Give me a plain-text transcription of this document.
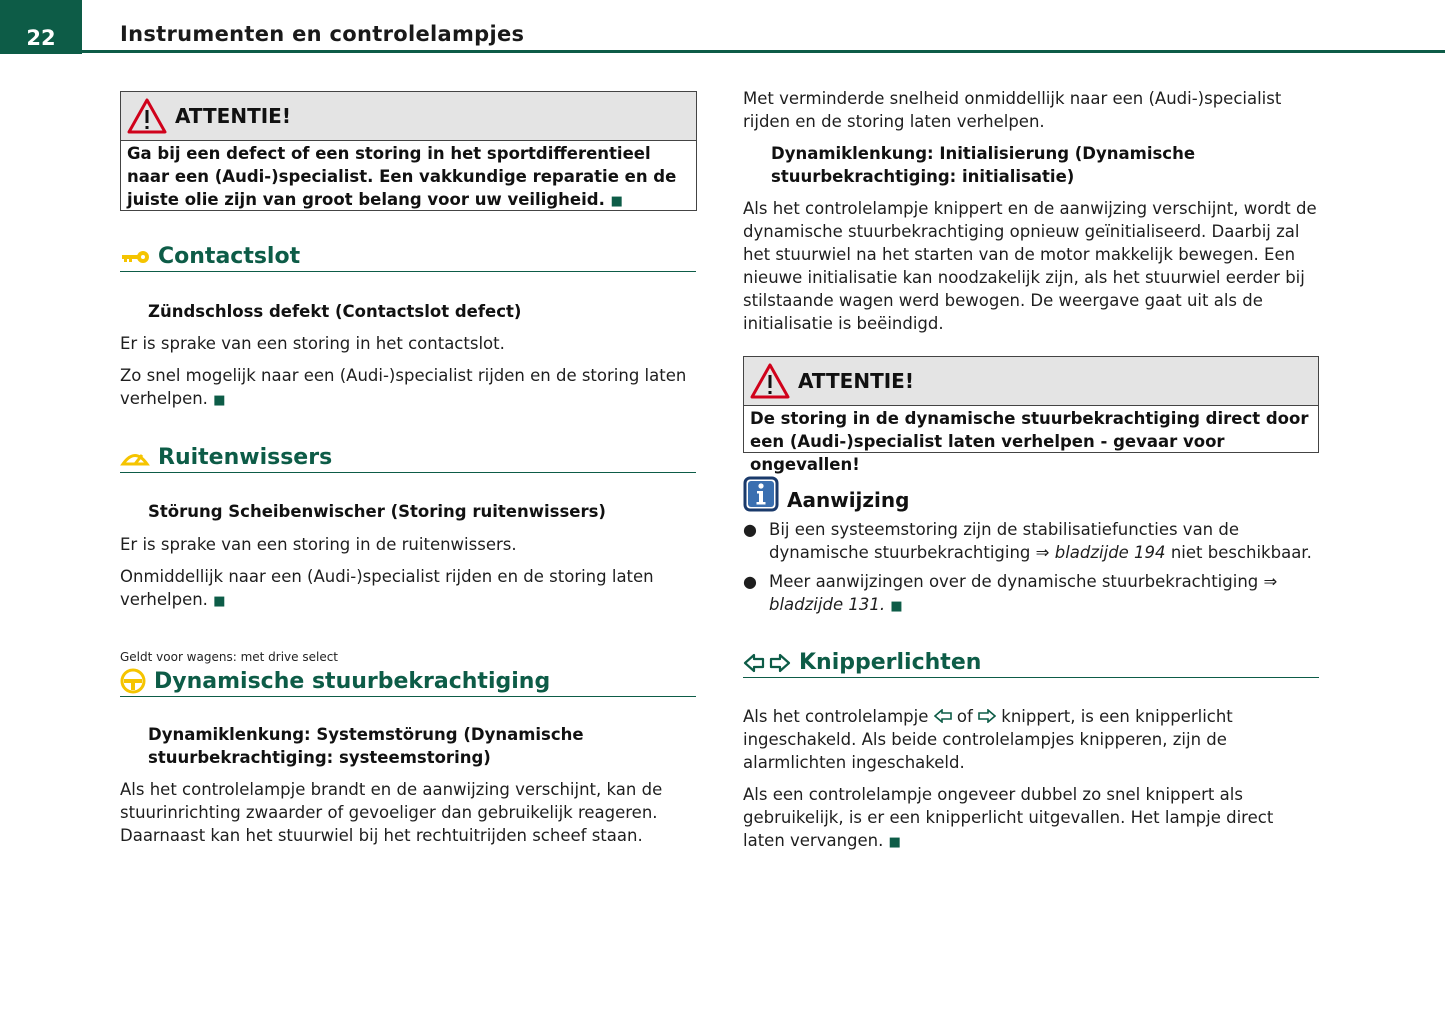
22	Instrumenten en controlelampjes
ATTENTIE!
Ga bij een defect of een storing in het sportdifferentieel naar een (Audi-)specialist. Een vakkundige reparatie en de juiste olie zijn van groot belang voor uw veiligheid. ■
Contactslot

Zündschloss defekt (Contactslot defect)

Er is sprake van een storing in het contactslot.

Zo snel mogelijk naar een (Audi-)specialist rijden en de storing laten verhelpen. ■

Ruitenwissers

Störung Scheibenwischer (Storing ruitenwissers)

Er is sprake van een storing in de ruitenwissers.

Onmiddellijk naar een (Audi-)specialist rijden en de storing laten verhelpen. ■

Geldt voor wagens: met drive select

Dynamische stuurbekrachtiging

Dynamiklenkung: Systemstörung (Dynamische stuurbekrachtiging: systeemstoring)

Als het controlelampje brandt en de aanwijzing verschijnt, kan de stuurinrichting zwaarder of gevoeliger dan gebruikelijk reageren. Daarnaast kan het stuurwiel bij het rechtuitrijden scheef staan.

Met verminderde snelheid onmiddellijk naar een (Audi-)specialist rijden en de storing laten verhelpen.

Dynamiklenkung: Initialisierung (Dynamische stuurbekrachtiging: initialisatie)

Als het controlelampje knippert en de aanwijzing verschijnt, wordt de dynamische stuurbekrachtiging opnieuw geïnitialiseerd. Daarbij zal het stuurwiel na het starten van de motor makkelijk bewegen. Een nieuwe initialisatie kan noodzakelijk zijn, als het stuurwiel eerder bij stilstaande wagen werd bewogen. De weergave gaat uit als de initialisatie is beëindigd.

ATTENTIE!
De storing in de dynamische stuurbekrachtiging direct door een (Audi-)specialist laten verhelpen - gevaar voor ongevallen!
Aanwijzing
● Bij een systeemstoring zijn de stabilisatiefuncties van de dynamische stuurbekrachtiging ⇒ bladzijde 194 niet beschikbaar.
● Meer aanwijzingen over de dynamische stuurbekrachtiging ⇒ bladzijde 131. ■
Knipperlichten

Als het controlelampje of knippert, is een knipperlicht ingeschakeld. Als beide controlelampjes knipperen, zijn de alarmlichten ingeschakeld.

Als een controlelampje ongeveer dubbel zo snel knippert als gebruikelijk, is er een knipperlicht uitgevallen. Het lampje direct laten vervangen. ■
